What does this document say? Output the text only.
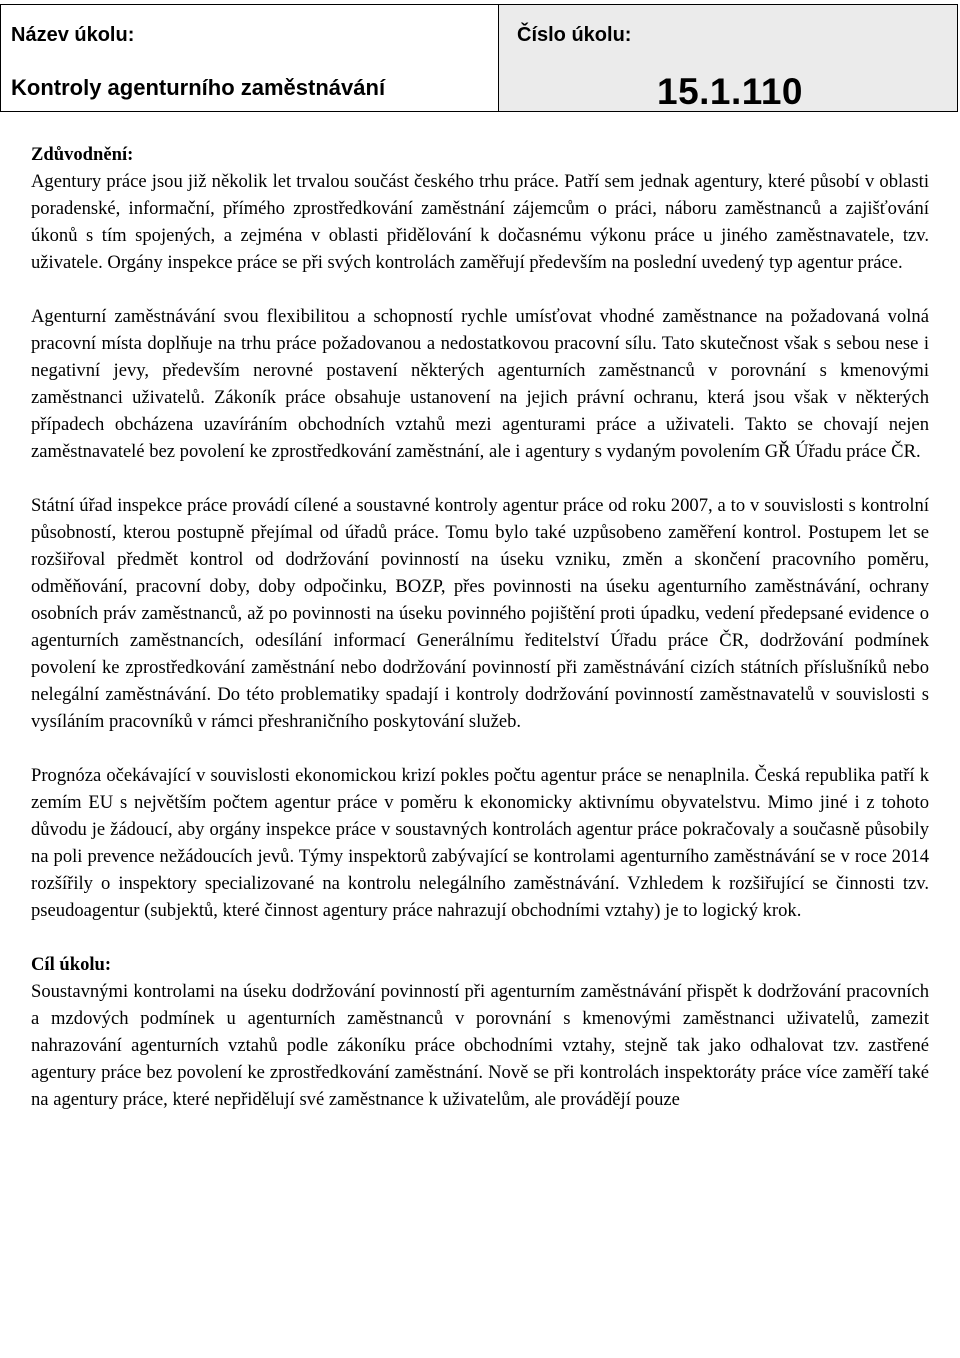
Název úkolu:
Kontroly agenturního zaměstnávání
Číslo úkolu:
15.1.110

Zdůvodnění:

Agentury práce jsou již několik let trvalou součást českého trhu práce. Patří sem jednak agentury, které působí v oblasti poradenské, informační, přímého zprostředkování zaměstnání zájemcům o práci, náboru zaměstnanců a zajišťování úkonů s tím spojených, a zejména v oblasti přidělování k dočasnému výkonu práce u jiného zaměstnavatele, tzv. uživatele. Orgány inspekce práce se při svých kontrolách zaměřují především na poslední uvedený typ agentur práce.

Agenturní zaměstnávání svou flexibilitou a schopností rychle umísťovat vhodné zaměstnance na požadovaná volná pracovní místa doplňuje na trhu práce požadovanou a nedostatkovou pracovní sílu. Tato skutečnost však s sebou nese i negativní jevy, především nerovné postavení některých agenturních zaměstnanců v porovnání s kmenovými zaměstnanci uživatelů. Zákoník práce obsahuje ustanovení na jejich právní ochranu, která jsou však v některých případech obcházena uzavíráním obchodních vztahů mezi agenturami práce a uživateli. Takto se chovají nejen zaměstnavatelé bez povolení ke zprostředkování zaměstnání, ale i agentury s vydaným povolením GŘ Úřadu práce ČR.

Státní úřad inspekce práce provádí cílené a soustavné kontroly agentur práce od roku 2007, a to v souvislosti s kontrolní působností, kterou postupně přejímal od úřadů práce. Tomu bylo také uzpůsobeno zaměření kontrol. Postupem let se rozšiřoval předmět kontrol od dodržování povinností na úseku vzniku, změn a skončení pracovního poměru, odměňování, pracovní doby, doby odpočinku, BOZP, přes povinnosti na úseku agenturního zaměstnávání, ochrany osobních práv zaměstnanců, až po povinnosti na úseku povinného pojištění proti úpadku, vedení předepsané evidence o agenturních zaměstnancích, odesílání informací Generálnímu ředitelství Úřadu práce ČR, dodržování podmínek povolení ke zprostředkování zaměstnání nebo dodržování povinností při zaměstnávání cizích státních příslušníků nebo nelegální zaměstnávání. Do této problematiky spadají i kontroly dodržování povinností zaměstnavatelů v souvislosti s vysíláním pracovníků v rámci přeshraničního poskytování služeb.

Prognóza očekávající v souvislosti ekonomickou krizí pokles počtu agentur práce se nenaplnila. Česká republika patří k zemím EU s největším počtem agentur práce v poměru k ekonomicky aktivnímu obyvatelstvu. Mimo jiné i z tohoto důvodu je žádoucí, aby orgány inspekce práce v soustavných kontrolách agentur práce pokračovaly a současně působily na poli prevence nežádoucích jevů. Týmy inspektorů zabývající se kontrolami agenturního zaměstnávání se v roce 2014 rozšířily o inspektory specializované na kontrolu nelegálního zaměstnávání. Vzhledem k rozšiřující se činnosti tzv. pseudoagentur (subjektů, které činnost agentury práce nahrazují obchodními vztahy) je to logický krok.

Cíl úkolu:

Soustavnými kontrolami na úseku dodržování povinností při agenturním zaměstnávání přispět k dodržování pracovních a mzdových podmínek u agenturních zaměstnanců v porovnání s kmenovými zaměstnanci uživatelů, zamezit nahrazování agenturních vztahů podle zákoníku práce obchodními vztahy, stejně tak jako odhalovat tzv. zastřené agentury práce bez povolení ke zprostředkování zaměstnání. Nově se při kontrolách inspektoráty práce více zaměří také na agentury práce, které nepřidělují své zaměstnance k uživatelům, ale provádějí pouze
